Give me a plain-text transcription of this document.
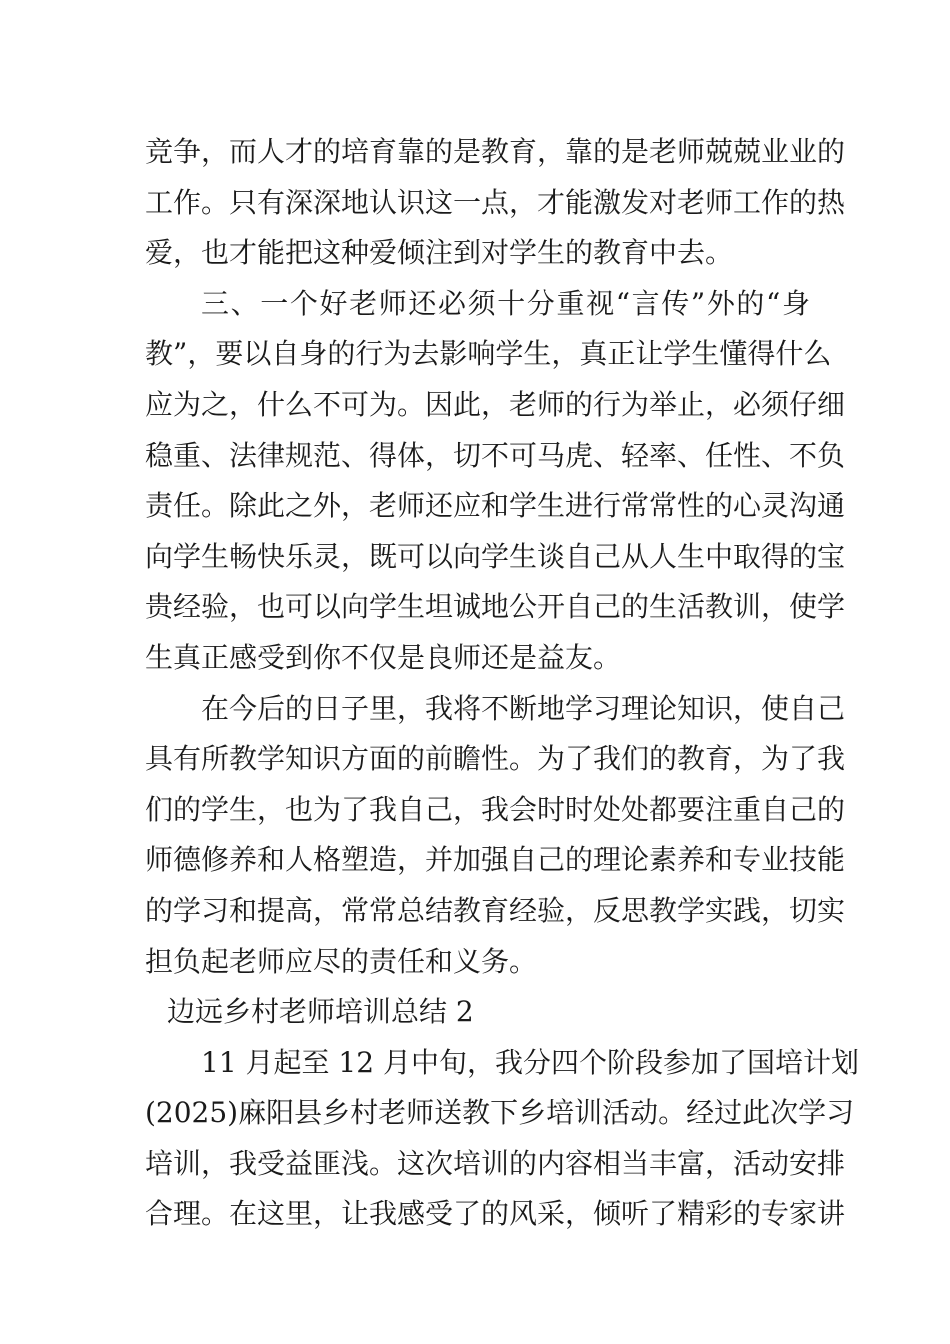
竞争，而人才的培育靠的是教育，靠的是老师兢兢业业的
工作。只有深深地认识这一点，才能激发对老师工作的热
爱，也才能把这种爱倾注到对学生的教育中去。
三、一个好老师还必须十分重视“言传”外的“身
教”，要以自身的行为去影响学生，真正让学生懂得什么
应为之，什么不可为。因此，老师的行为举止，必须仔细
稳重、法律规范、得体，切不可马虎、轻率、任性、不负
责任。除此之外，老师还应和学生进行常常性的心灵沟通
向学生畅快乐灵，既可以向学生谈自己从人生中取得的宝
贵经验，也可以向学生坦诚地公开自己的生活教训，使学
生真正感受到你不仅是良师还是益友。
在今后的日子里，我将不断地学习理论知识，使自己
具有所教学知识方面的前瞻性。为了我们的教育，为了我
们的学生，也为了我自己，我会时时处处都要注重自己的
师德修养和人格塑造，并加强自己的理论素养和专业技能
的学习和提高，常常总结教育经验，反思教学实践，切实
担负起老师应尽的责任和义务。
边远乡村老师培训总结 2
11 月起至 12 月中旬，我分四个阶段参加了国培计划
(2025)麻阳县乡村老师送教下乡培训活动。经过此次学习
培训，我受益匪浅。这次培训的内容相当丰富，活动安排
合理。在这里，让我感受了的风采，倾听了精彩的专家讲
